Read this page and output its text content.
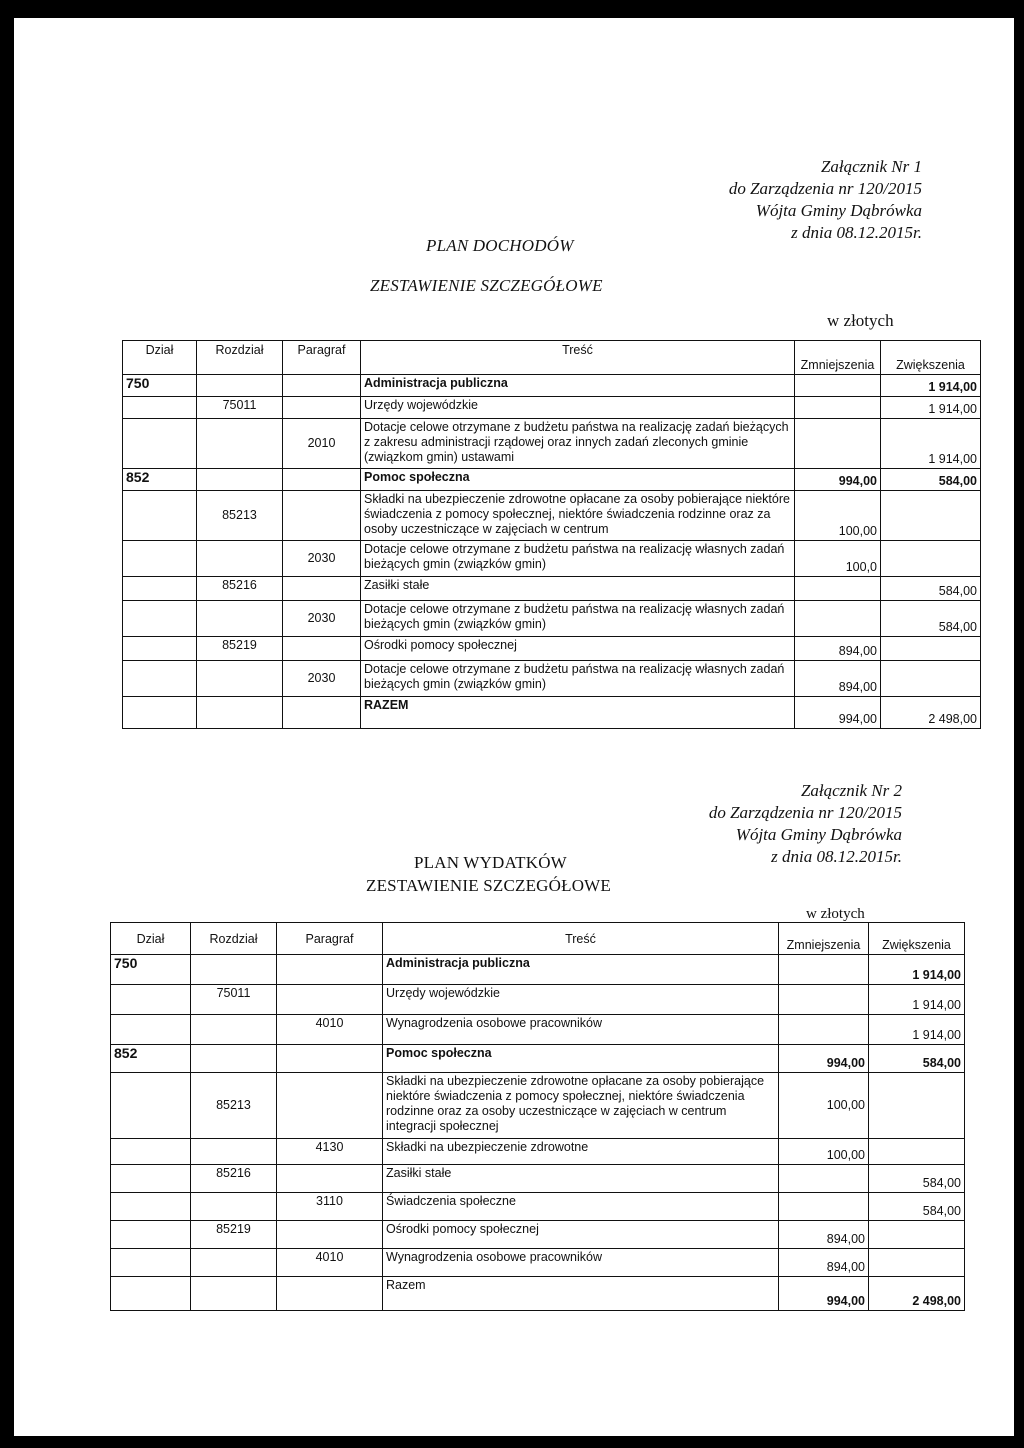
Załącznik Nr 1
do Zarządzenia nr 120/2015
Wójta Gminy Dąbrówka
z dnia 08.12.2015r.
PLAN DOCHODÓW
ZESTAWIENIE SZCZEGÓŁOWE
w złotych
Dział	Rozdział	Paragraf	Treść	Zmniejszenia	Zwiększenia
750			Administracja publiczna		1 914,00
	75011		Urzędy wojewódzkie		1 914,00
		2010	Dotacje celowe otrzymane z budżetu państwa na realizację zadań bieżących z zakresu administracji rządowej oraz innych zadań zleconych gminie (związkom gmin) ustawami		1 914,00
852			Pomoc społeczna	994,00	584,00
	85213		Składki na ubezpieczenie zdrowotne opłacane za osoby pobierające niektóre świadczenia z pomocy społecznej, niektóre świadczenia rodzinne oraz za osoby uczestniczące w zajęciach w centrum	100,00	
		2030	Dotacje celowe otrzymane z budżetu państwa na realizację własnych zadań bieżących gmin (związków gmin)	100,0	
	85216		Zasiłki stałe		584,00
		2030	Dotacje celowe otrzymane z budżetu państwa na realizację własnych zadań bieżących gmin (związków gmin)		584,00
	85219		Ośrodki pomocy społecznej	894,00	
		2030	Dotacje celowe otrzymane z budżetu państwa na realizację własnych zadań bieżących gmin (związków gmin)	894,00	
			RAZEM	994,00	2 498,00
Załącznik Nr 2
do Zarządzenia nr 120/2015
Wójta Gminy Dąbrówka
z dnia 08.12.2015r.
PLAN WYDATKÓW
ZESTAWIENIE SZCZEGÓŁOWE
w złotych
Dział	Rozdział	Paragraf	Treść	Zmniejszenia	Zwiększenia
750			Administracja publiczna		1 914,00
	75011		Urzędy wojewódzkie		1 914,00
		4010	Wynagrodzenia osobowe pracowników		1 914,00
852			Pomoc społeczna	994,00	584,00
	85213		Składki na ubezpieczenie zdrowotne opłacane za osoby pobierające niektóre świadczenia z pomocy społecznej, niektóre świadczenia rodzinne oraz za osoby uczestniczące w zajęciach w centrum integracji społecznej	100,00	
		4130	Składki na ubezpieczenie zdrowotne	100,00	
	85216		Zasiłki stałe		584,00
		3110	Świadczenia społeczne		584,00
	85219		Ośrodki pomocy społecznej	894,00	
		4010	Wynagrodzenia osobowe pracowników	894,00	
			Razem	994,00	2 498,00
